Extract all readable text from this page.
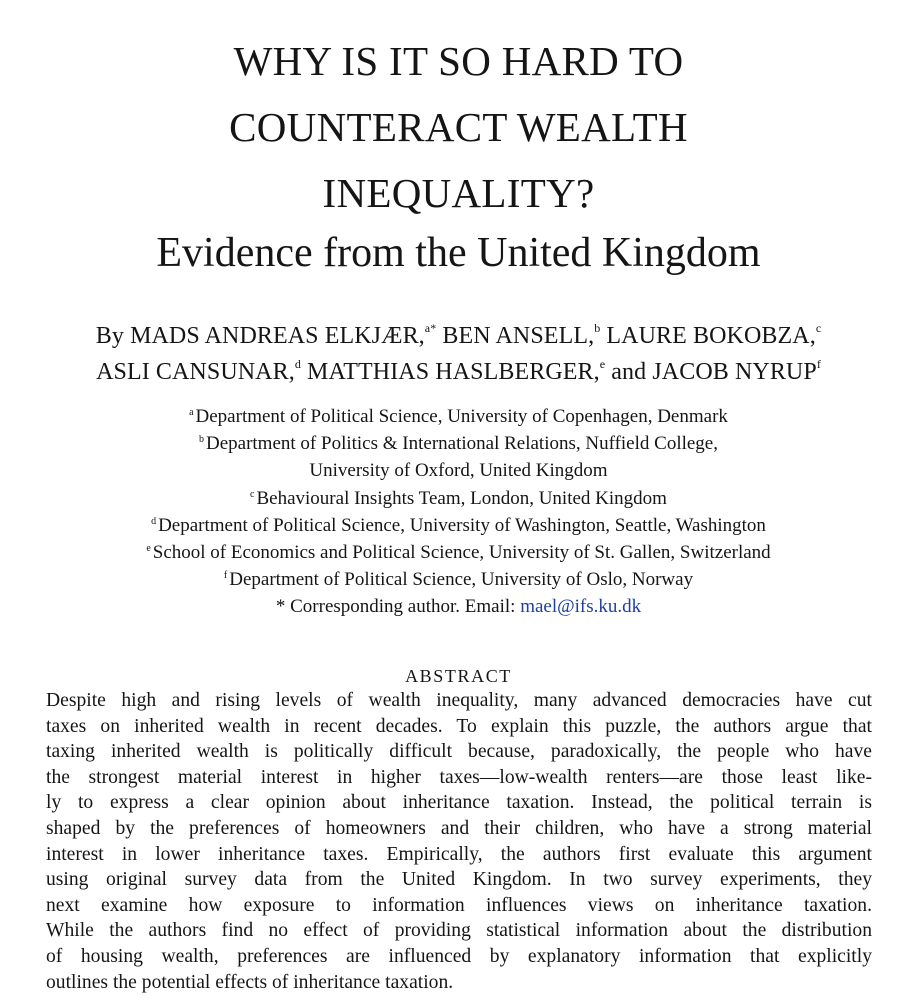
WHY IS IT SO HARD TO
COUNTERACT WEALTH
INEQUALITY?
Evidence from the United Kingdom
By MADS ANDREAS ELKJÆR,$^{a*}$ BEN ANSELL,$^b$ LAURE BOKOBZA,$^c$
ASLI CANSUNAR,$^d$ MATTHIAS HASLBERGER,$^e$ and JACOB NYRUP$^f$
$^a$ Department of Political Science, University of Copenhagen, Denmark
$^b$ Department of Politics & International Relations, Nuffield College,
University of Oxford, United Kingdom
$^c$ Behavioural Insights Team, London, United Kingdom
$^d$ Department of Political Science, University of Washington, Seattle, Washington
$^e$ School of Economics and Political Science, University of St. Gallen, Switzerland
$^f$ Department of Political Science, University of Oslo, Norway
* Corresponding author. Email: mael@ifs.ku.dk
ABSTRACT
Despite high and rising levels of wealth inequality, many advanced democracies have cut
taxes on inherited wealth in recent decades. To explain this puzzle, the authors argue that
taxing inherited wealth is politically difficult because, paradoxically, the people who have
the strongest material interest in higher taxes—low-wealth renters—are those least like-
ly to express a clear opinion about inheritance taxation. Instead, the political terrain is
shaped by the preferences of homeowners and their children, who have a strong material
interest in lower inheritance taxes. Empirically, the authors first evaluate this argument
using original survey data from the United Kingdom. In two survey experiments, they
next examine how exposure to information influences views on inheritance taxation.
While the authors find no effect of providing statistical information about the distribution
of housing wealth, preferences are influenced by explanatory information that explicitly
outlines the potential effects of inheritance taxation.
